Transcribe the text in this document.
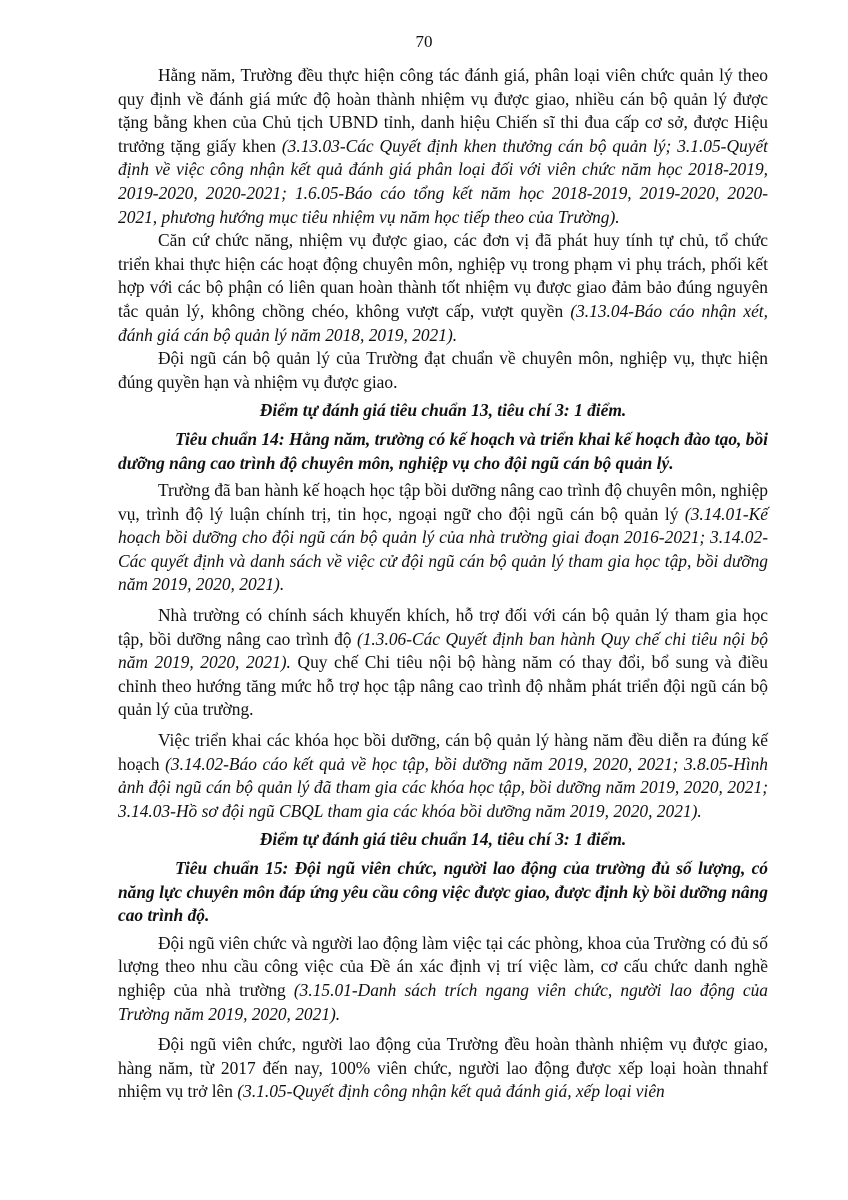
70

Hằng năm, Trường đều thực hiện công tác đánh giá, phân loại viên chức quản lý theo quy định về đánh giá mức độ hoàn thành nhiệm vụ được giao, nhiều cán bộ quản lý được tặng bằng khen của Chủ tịch UBND tỉnh, danh hiệu Chiến sĩ thi đua cấp cơ sở, được Hiệu trưởng tặng giấy khen (3.13.03-Các Quyết định khen thưởng cán bộ quản lý; 3.1.05-Quyết định về việc công nhận kết quả đánh giá phân loại đối với viên chức năm học 2018-2019, 2019-2020, 2020-2021; 1.6.05-Báo cáo tổng kết năm học 2018-2019, 2019-2020, 2020-2021, phương hướng mục tiêu nhiệm vụ năm học tiếp theo của Trường).

Căn cứ chức năng, nhiệm vụ được giao, các đơn vị đã phát huy tính tự chủ, tổ chức triển khai thực hiện các hoạt động chuyên môn, nghiệp vụ trong phạm vi phụ trách, phối kết hợp với các bộ phận có liên quan hoàn thành tốt nhiệm vụ được giao đảm bảo đúng nguyên tắc quản lý, không chồng chéo, không vượt cấp, vượt quyền (3.13.04-Báo cáo nhận xét, đánh giá cán bộ quản lý năm 2018, 2019, 2021).

Đội ngũ cán bộ quản lý của Trường đạt chuẩn về chuyên môn, nghiệp vụ, thực hiện đúng quyền hạn và nhiệm vụ được giao.

Điểm tự đánh giá tiêu chuẩn 13, tiêu chí 3: 1 điểm.

Tiêu chuẩn 14: Hằng năm, trường có kế hoạch và triển khai kế hoạch đào tạo, bồi dưỡng nâng cao trình độ chuyên môn, nghiệp vụ cho đội ngũ cán bộ quản lý.

Trường đã ban hành kế hoạch học tập bồi dưỡng nâng cao trình độ chuyên môn, nghiệp vụ, trình độ lý luận chính trị, tin học, ngoại ngữ cho đội ngũ cán bộ quản lý (3.14.01-Kế hoạch bồi dưỡng cho đội ngũ cán bộ quản lý của nhà trường giai đoạn 2016-2021; 3.14.02-Các quyết định và danh sách về việc cử đội ngũ cán bộ quản lý tham gia học tập, bồi dưỡng năm 2019, 2020, 2021).

Nhà trường có chính sách khuyến khích, hỗ trợ đối với cán bộ quản lý tham gia học tập, bồi dưỡng nâng cao trình độ (1.3.06-Các Quyết định ban hành Quy chế chi tiêu nội bộ năm 2019, 2020, 2021). Quy chế Chi tiêu nội bộ hàng năm có thay đổi, bổ sung và điều chỉnh theo hướng tăng mức hỗ trợ học tập nâng cao trình độ nhằm phát triển đội ngũ cán bộ quản lý của trường.

Việc triển khai các khóa học bồi dưỡng, cán bộ quản lý hàng năm đều diễn ra đúng kế hoạch (3.14.02-Báo cáo kết quả về học tập, bồi dưỡng năm 2019, 2020, 2021; 3.8.05-Hình ảnh đội ngũ cán bộ quản lý đã tham gia các khóa học tập, bồi dưỡng năm 2019, 2020, 2021; 3.14.03-Hồ sơ đội ngũ CBQL tham gia các khóa bồi dưỡng năm 2019, 2020, 2021).

Điểm tự đánh giá tiêu chuẩn 14, tiêu chí 3: 1 điểm.

Tiêu chuẩn 15: Đội ngũ viên chức, người lao động của trường đủ số lượng, có năng lực chuyên môn đáp ứng yêu cầu công việc được giao, được định kỳ bồi dưỡng nâng cao trình độ.

Đội ngũ viên chức và người lao động làm việc tại các phòng, khoa của Trường có đủ số lượng theo nhu cầu công việc của Đề án xác định vị trí việc làm, cơ cấu chức danh nghề nghiệp của nhà trường (3.15.01-Danh sách trích ngang viên chức, người lao động của Trường năm 2019, 2020, 2021).

Đội ngũ viên chức, người lao động của Trường đều hoàn thành nhiệm vụ được giao, hàng năm, từ 2017 đến nay, 100% viên chức, người lao động được xếp loại hoàn thnahf nhiệm vụ trở lên (3.1.05-Quyết định công nhận kết quả đánh giá, xếp loại viên
